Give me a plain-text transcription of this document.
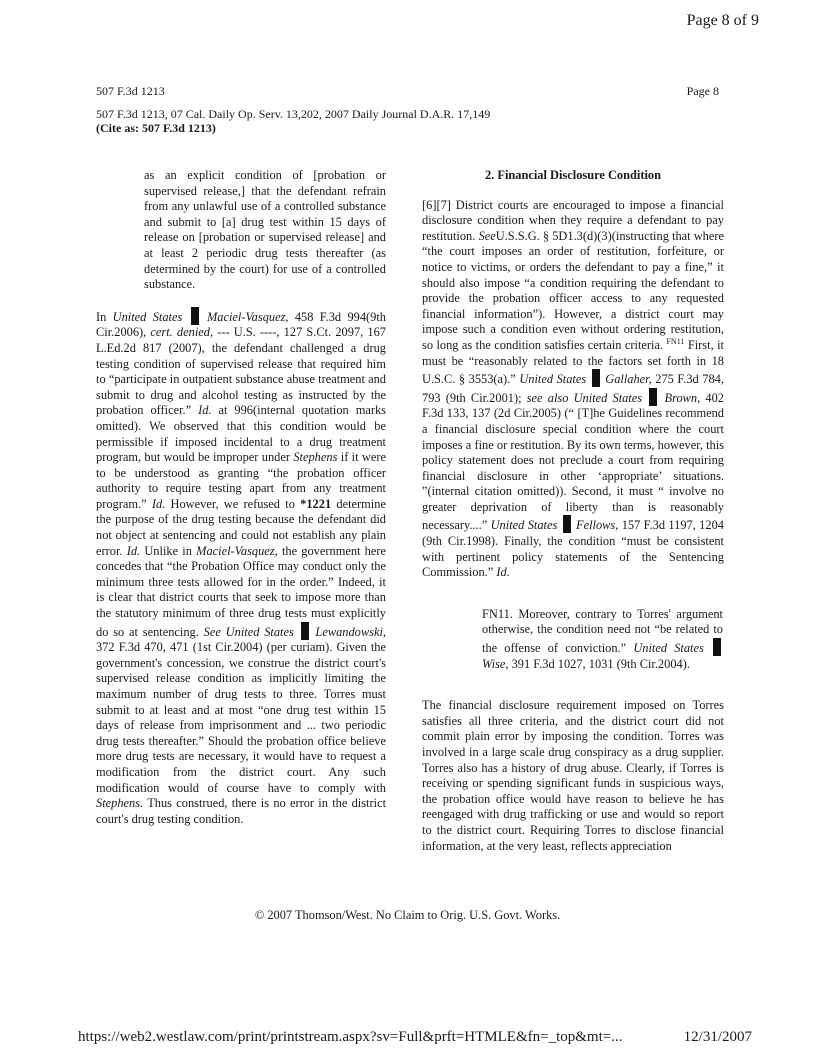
Page 8 of 9
507 F.3d 1213	Page 8
507 F.3d 1213, 07 Cal. Daily Op. Serv. 13,202, 2007 Daily Journal D.A.R. 17,149
(Cite as: 507 F.3d 1213)

as an explicit condition of [probation or supervised release,] that the defendant refrain from any unlawful use of a controlled substance and submit to [a] drug test within 15 days of release on [probation or supervised release] and at least 2 periodic drug tests thereafter (as determined by the court) for use of a controlled substance.

In United States Maciel-Vasquez, 458 F.3d 994(9th Cir.2006), cert. denied, --- U.S. ----, 127 S.Ct. 2097, 167 L.Ed.2d 817 (2007), the defendant challenged a drug testing condition of supervised release that required him to “participate in outpatient substance abuse treatment and submit to drug and alcohol testing as instructed by the probation officer.” Id. at 996(internal quotation marks omitted). We observed that this condition would be permissible if imposed incidental to a drug treatment program, but would be improper under Stephens if it were to be understood as granting “the probation officer authority to require testing apart from any treatment program.” Id. However, we refused to *1221 determine the purpose of the drug testing because the defendant did not object at sentencing and could not establish any plain error. Id. Unlike in Maciel-Vasquez, the government here concedes that “the Probation Office may conduct only the minimum three tests allowed for in the order.” Indeed, it is clear that district courts that seek to impose more than the statutory minimum of three drug tests must explicitly do so at sentencing. See United States Lewandowski, 372 F.3d 470, 471 (1st Cir.2004) (per curiam). Given the government's concession, we construe the district court's supervised release condition as implicitly limiting the maximum number of drug tests to three. Torres must submit to at least and at most “one drug test within 15 days of release from imprisonment and ... two periodic drug tests thereafter.” Should the probation office believe more drug tests are necessary, it would have to request a modification from the district court. Any such modification would of course have to comply with Stephens. Thus construed, there is no error in the district court's drug testing condition.

2. Financial Disclosure Condition

[6][7] District courts are encouraged to impose a financial disclosure condition when they require a defendant to pay restitution. SeeU.S.S.G. § 5D1.3(d)(3)(instructing that where “the court imposes an order of restitution, forfeiture, or notice to victims, or orders the defendant to pay a fine,” it should also impose “a condition requiring the defendant to provide the probation officer access to any requested financial information”). However, a district court may impose such a condition even without ordering restitution, so long as the condition satisfies certain criteria. $^{FN11}$ First, it must be “reasonably related to the factors set forth in 18 U.S.C. § 3553(a).” United States Gallaher, 275 F.3d 784, 793 (9th Cir.2001); see also United States Brown, 402 F.3d 133, 137 (2d Cir.2005) (“ [T]he Guidelines recommend a financial disclosure special condition where the court imposes a fine or restitution. By its own terms, however, this policy statement does not preclude a court from requiring financial disclosure in other ‘appropriate’ situations. ”(internal citation omitted)). Second, it must “ involve no greater deprivation of liberty than is reasonably necessary....” United States Fellows, 157 F.3d 1197, 1204 (9th Cir.1998). Finally, the condition “must be consistent with pertinent policy statements of the Sentencing Commission.” Id.

FN11. Moreover, contrary to Torres' argument otherwise, the condition need not “be related to the offense of conviction.” United States  Wise, 391 F.3d 1027, 1031 (9th Cir.2004).

The financial disclosure requirement imposed on Torres satisfies all three criteria, and the district court did not commit plain error by imposing the condition. Torres was involved in a large scale drug conspiracy as a drug supplier. Torres also has a history of drug abuse. Clearly, if Torres is receiving or spending significant funds in suspicious ways, the probation office would have reason to believe he has reengaged with drug trafficking or use and would so report to the district court. Requiring Torres to disclose financial information, at the very least, reflects appreciation

© 2007 Thomson/West. No Claim to Orig. U.S. Govt. Works.
https://web2.westlaw.com/print/printstream.aspx?sv=Full&prft=HTMLE&fn=_top&mt=...	12/31/2007
